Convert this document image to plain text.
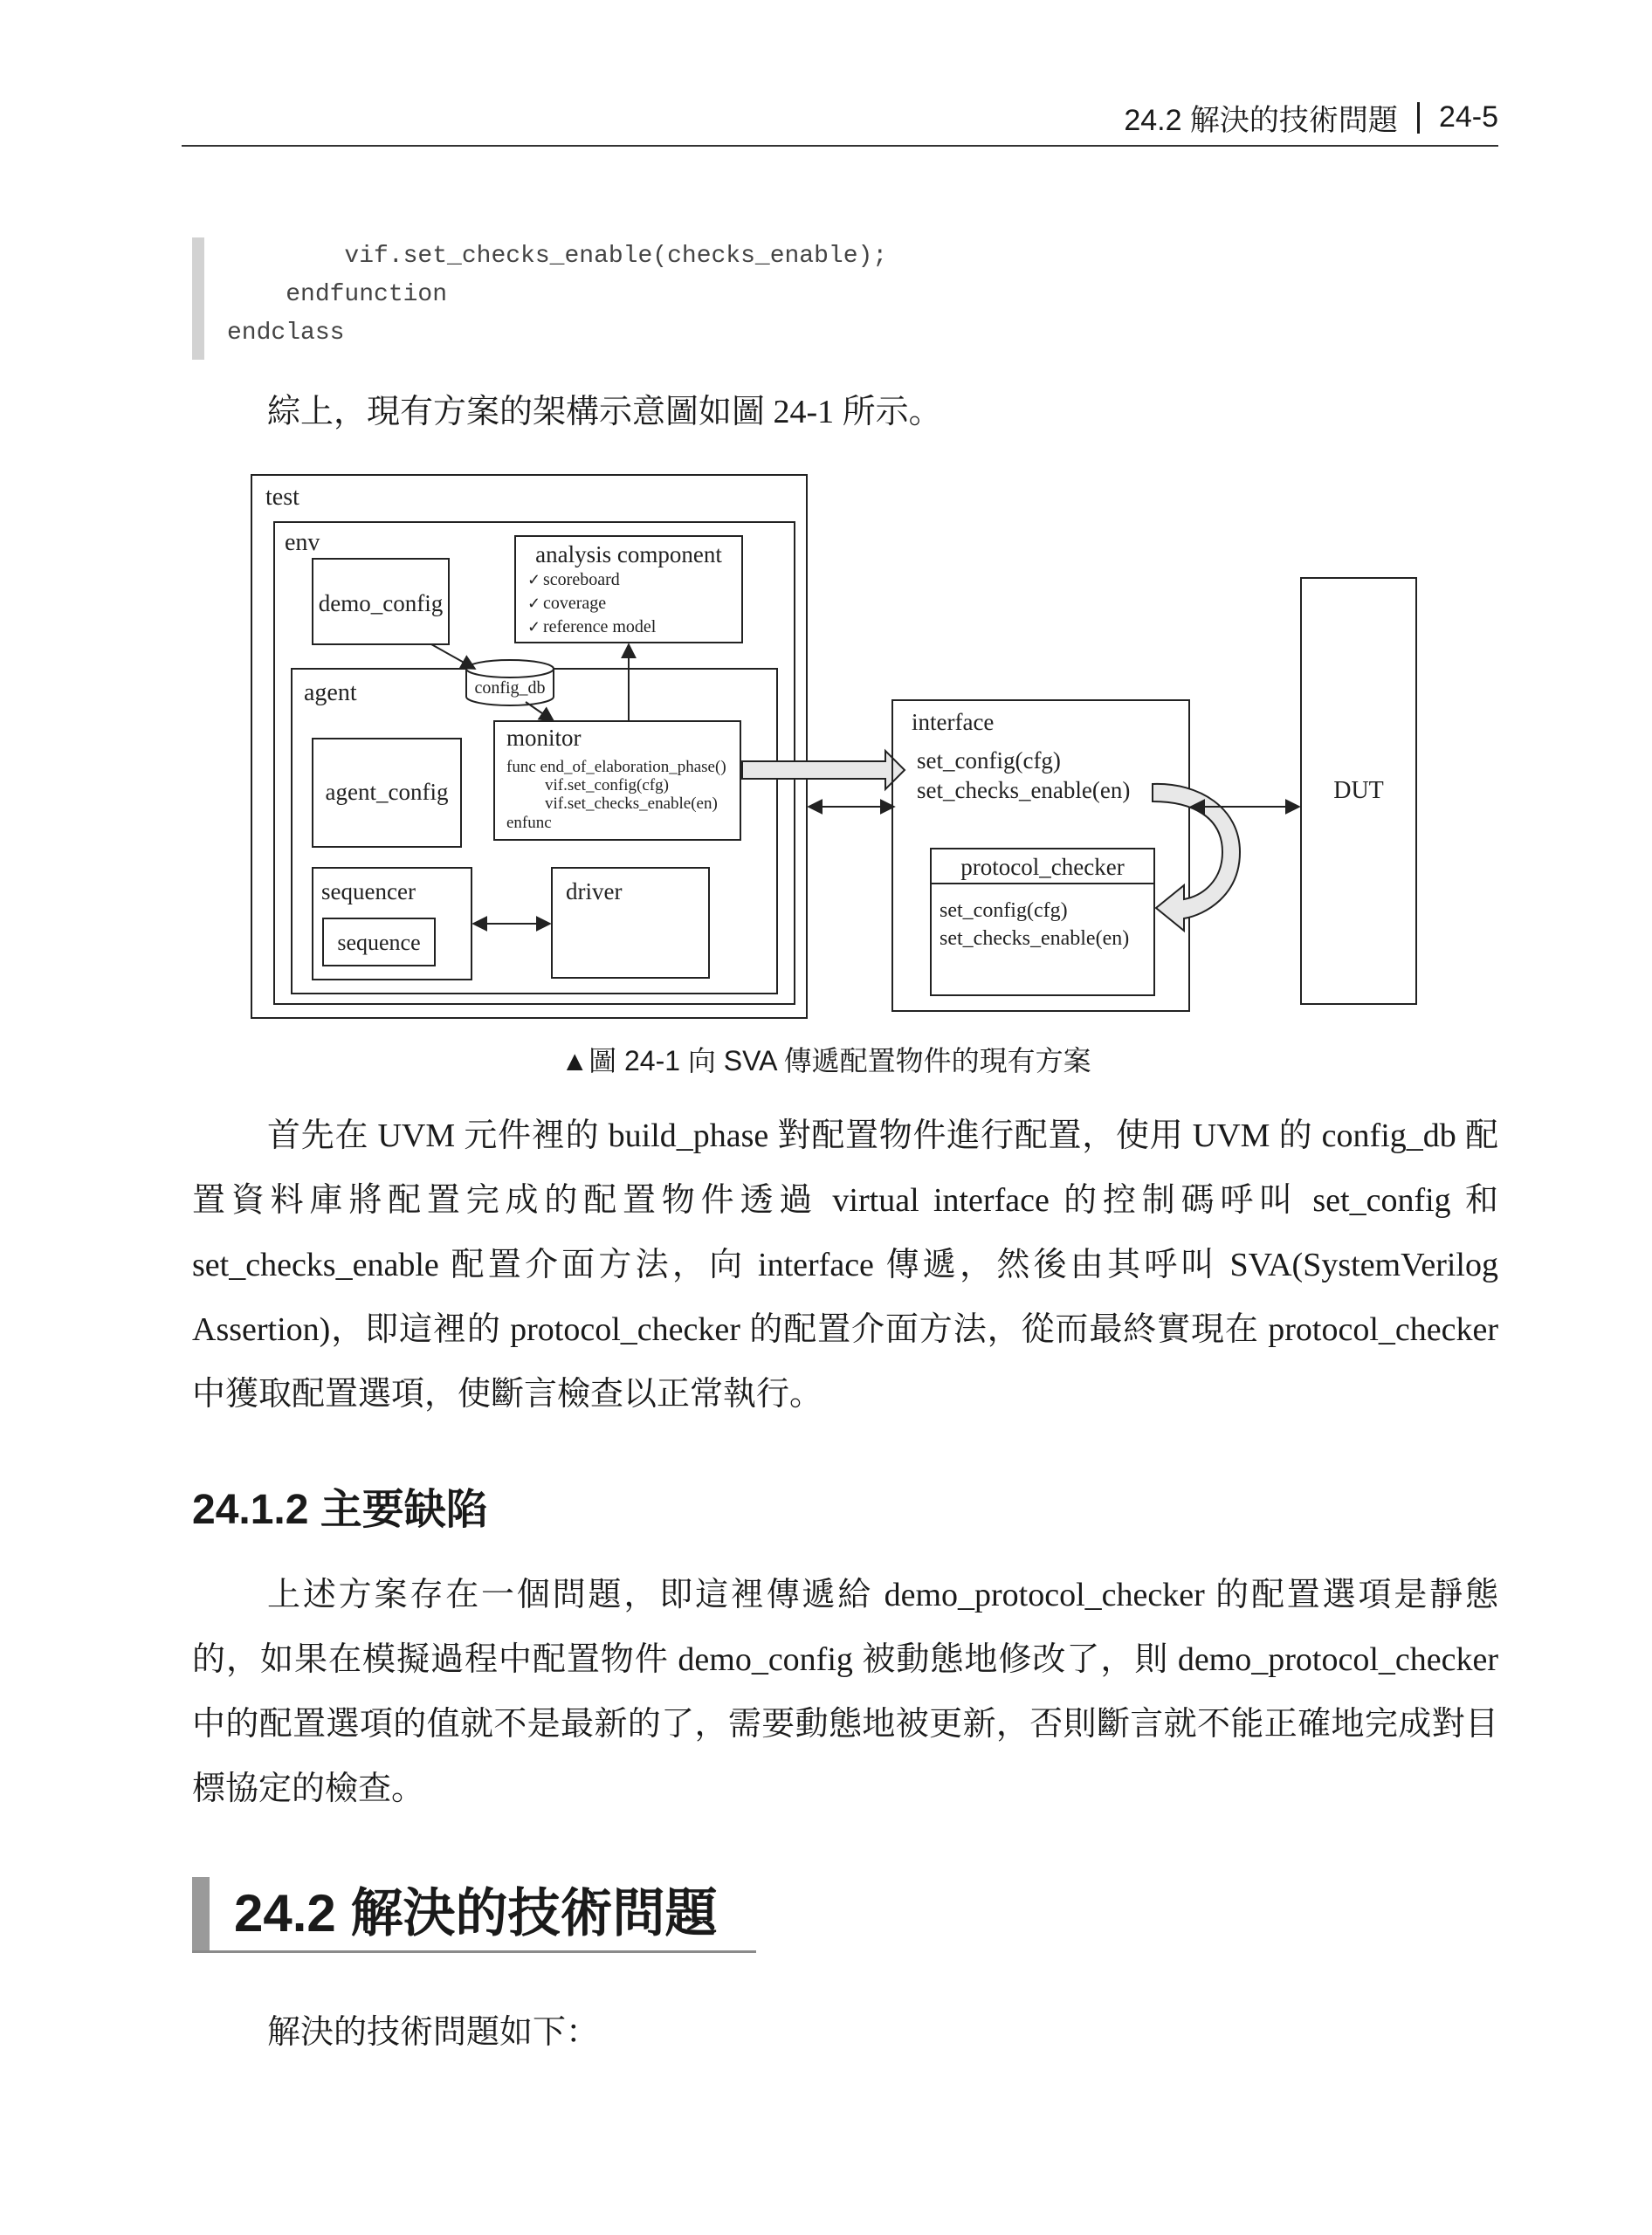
24.2 解決的技術問題 24-5
vif.set_checks_enable(checks_enable);
endfunction
endclass
綜上，現有方案的架構示意圖如圖 24-1 所示。
test
env
demo_config
analysis component
✓ scoreboard
✓ coverage
✓ reference model
agent	config_db
monitor
func end_of_elaboration_phase()
vif.set_config(cfg)
vif.set_checks_enable(en)
enfunc
agent_config
sequencer
sequence
driver
interface
set_config(cfg)
set_checks_enable(en)
protocol_checker
set_config(cfg)
set_checks_enable(en)
DUT
▲圖 24-1 向 SVA 傳遞配置物件的現有方案
首先在 UVM 元件裡的 build_phase 對配置物件進行配置，使用 UVM 的 config_db 配置資料庫將配置完成的配置物件透過 virtual interface 的控制碼呼叫 set_config 和 set_checks_enable 配置介面方法，向 interface 傳遞，然後由其呼叫 SVA(SystemVerilog Assertion)，即這裡的 protocol_checker 的配置介面方法，從而最終實現在 protocol_checker 中獲取配置選項，使斷言檢查以正常執行。
24.1.2 主要缺陷
上述方案存在一個問題，即這裡傳遞給 demo_protocol_checker 的配置選項是靜態的，如果在模擬過程中配置物件 demo_config 被動態地修改了，則 demo_protocol_checker 中的配置選項的值就不是最新的了，需要動態地被更新，否則斷言就不能正確地完成對目標協定的檢查。
24.2 解決的技術問題
解決的技術問題如下：
